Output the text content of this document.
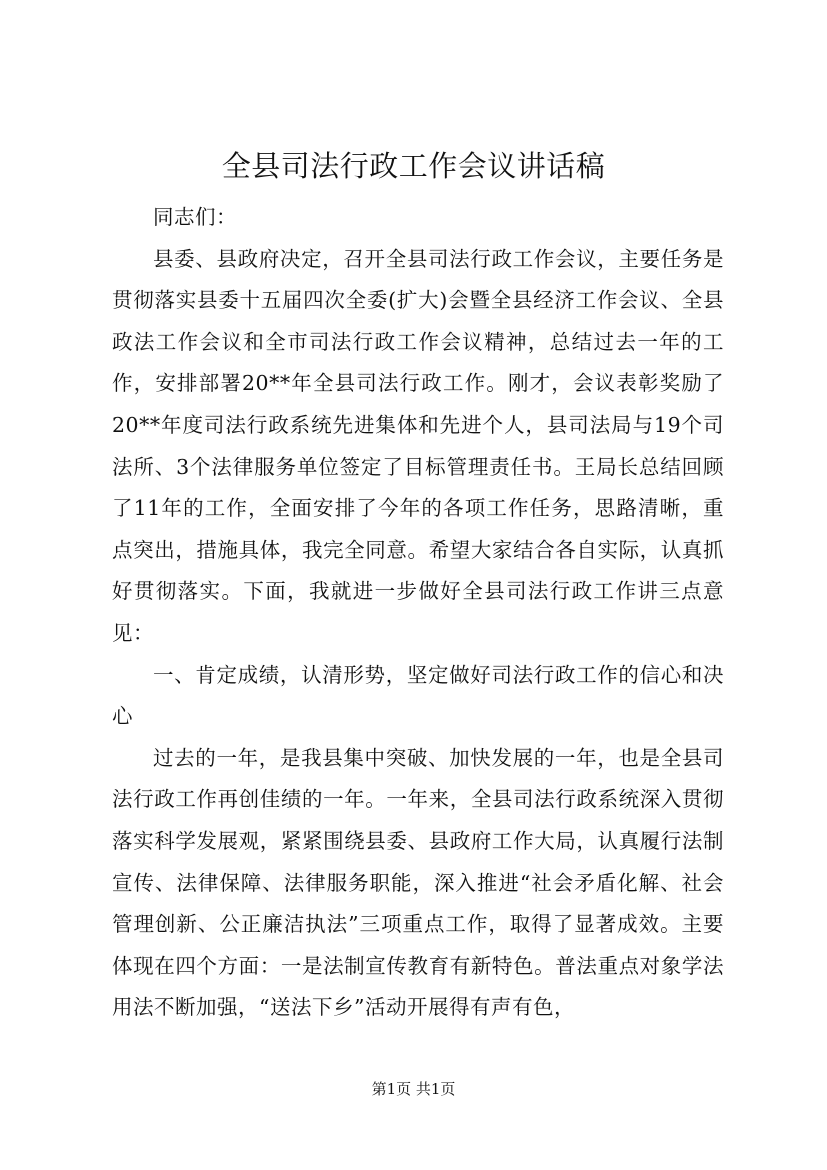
全县司法行政工作会议讲话稿

同志们：

县委、县政府决定，召开全县司法行政工作会议，主要任务是贯彻落实县委十五届四次全委(扩大)会暨全县经济工作会议、全县政法工作会议和全市司法行政工作会议精神，总结过去一年的工作，安排部署20**年全县司法行政工作。刚才，会议表彰奖励了20**年度司法行政系统先进集体和先进个人，县司法局与19个司法所、3个法律服务单位签定了目标管理责任书。王局长总结回顾了11年的工作，全面安排了今年的各项工作任务，思路清晰，重点突出，措施具体，我完全同意。希望大家结合各自实际，认真抓好贯彻落实。下面，我就进一步做好全县司法行政工作讲三点意见：

一、肯定成绩，认清形势，坚定做好司法行政工作的信心和决心

过去的一年，是我县集中突破、加快发展的一年，也是全县司法行政工作再创佳绩的一年。一年来，全县司法行政系统深入贯彻落实科学发展观，紧紧围绕县委、县政府工作大局，认真履行法制宣传、法律保障、法律服务职能，深入推进“社会矛盾化解、社会管理创新、公正廉洁执法”三项重点工作，取得了显著成效。主要体现在四个方面：一是法制宣传教育有新特色。普法重点对象学法用法不断加强，“送法下乡”活动开展得有声有色，

第1页 共1页
